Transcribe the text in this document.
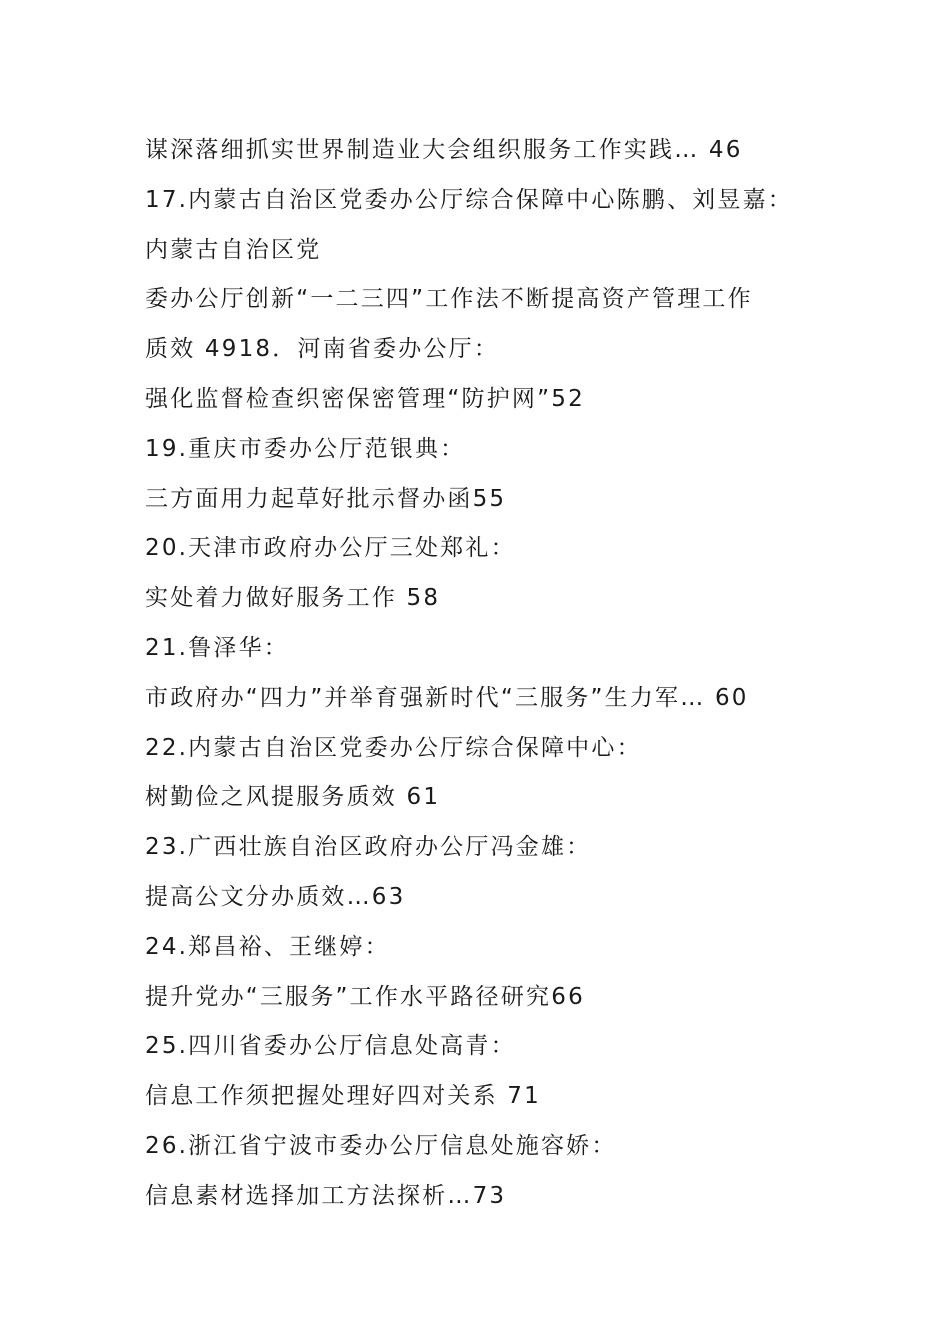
谋深落细抓实世界制造业大会组织服务工作实践… 46
17.内蒙古自治区党委办公厅综合保障中心陈鹏、刘昱嘉：
内蒙古自治区党
委办公厅创新“一二三四”工作法不断提高资产管理工作
质效 4918．河南省委办公厅：
强化监督检查织密保密管理“防护网”52
19.重庆市委办公厅范银典：
三方面用力起草好批示督办函55
20.天津市政府办公厅三处郑礼：
实处着力做好服务工作 58
21.鲁泽华：
市政府办“四力”并举育强新时代“三服务”生力军… 60
22.内蒙古自治区党委办公厅综合保障中心：
树勤俭之风提服务质效 61
23.广西壮族自治区政府办公厅冯金雄：
提高公文分办质效…63
24.郑昌裕、王继婷：
提升党办“三服务”工作水平路径研究66
25.四川省委办公厅信息处高青：
信息工作须把握处理好四对关系 71
26.浙江省宁波市委办公厅信息处施容娇：
信息素材选择加工方法探析…73
